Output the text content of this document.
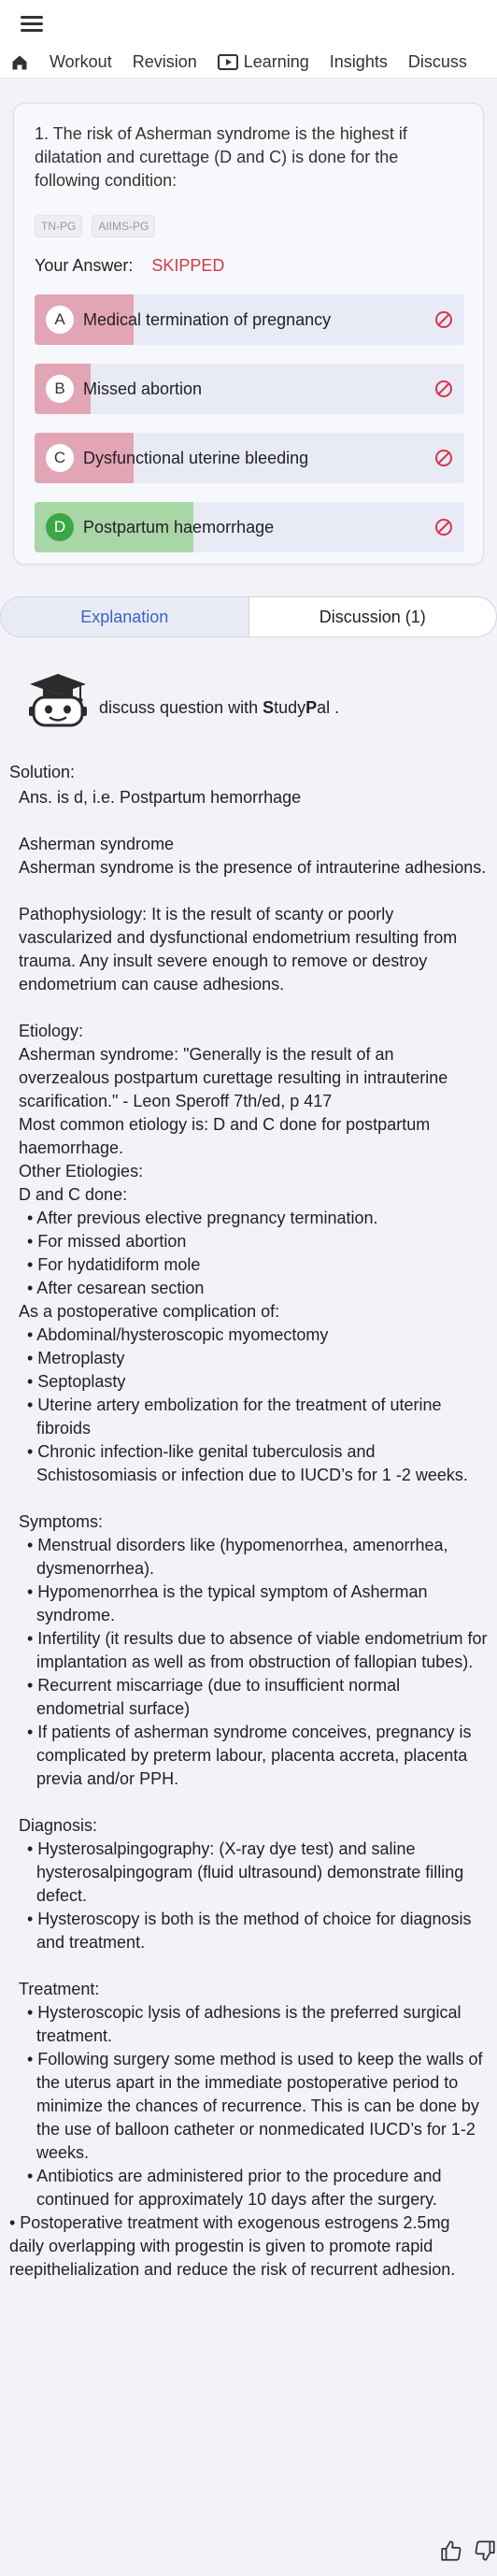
Workout Revision	Learning Insights Discuss
1. The risk of Asherman syndrome is the highest if dilatation and curettage (D and C) is done for the following condition:
TN-PG	AIIMS-PG
Your Answer: SKIPPED
A	Medical termination of pregnancy
B	Missed abortion
C	Dysfunctional uterine bleeding
D	Postpartum haemorrhage
Explanation	Discussion (1)
discuss question with StudyPal .
Solution:
Ans. is d, i.e. Postpartum hemorrhage
Asherman syndrome
Asherman syndrome is the presence of intrauterine adhesions.
Pathophysiology: It is the result of scanty or poorly vascularized and dysfunctional endometrium resulting from trauma. Any insult severe enough to remove or destroy endometrium can cause adhesions.
Etiology:
Asherman syndrome: "Generally is the result of an overzealous postpartum curettage resulting in intrauterine scarification." - Leon Speroff 7th/ed, p 417
Most common etiology is: D and C done for postpartum haemorrhage.
Other Etiologies:
D and C done:
• After previous elective pregnancy termination.
• For missed abortion
• For hydatidiform mole
• After cesarean section
As a postoperative complication of:
• Abdominal/hysteroscopic myomectomy
• Metroplasty
• Septoplasty
• Uterine artery embolization for the treatment of uterine fibroids
• Chronic infection-like genital tuberculosis and Schistosomiasis or infection due to IUCD’s for 1 -2 weeks.
Symptoms:
• Menstrual disorders like (hypomenorrhea, amenorrhea, dysmenorrhea).
• Hypomenorrhea is the typical symptom of Asherman syndrome.
• Infertility (it results due to absence of viable endometrium for implantation as well as from obstruction of fallopian tubes).
• Recurrent miscarriage (due to insufficient normal endometrial surface)
• If patients of asherman syndrome conceives, pregnancy is complicated by preterm labour, placenta accreta, placenta previa and/or PPH.
Diagnosis:
• Hysterosalpingography: (X-ray dye test) and saline hysterosalpingogram (fluid ultrasound) demonstrate filling defect.
• Hysteroscopy is both is the method of choice for diagnosis and treatment.
Treatment:
• Hysteroscopic lysis of adhesions is the preferred surgical treatment.
• Following surgery some method is used to keep the walls of the uterus apart in the immediate postoperative period to minimize the chances of recurrence. This is can be done by the use of balloon catheter or nonmedicated IUCD’s for 1-2 weeks.
• Antibiotics are administered prior to the procedure and continued for approximately 10 days after the surgery.
• Postoperative treatment with exogenous estrogens 2.5mg daily overlapping with progestin is given to promote rapid reepithelialization and reduce the risk of recurrent adhesion.
